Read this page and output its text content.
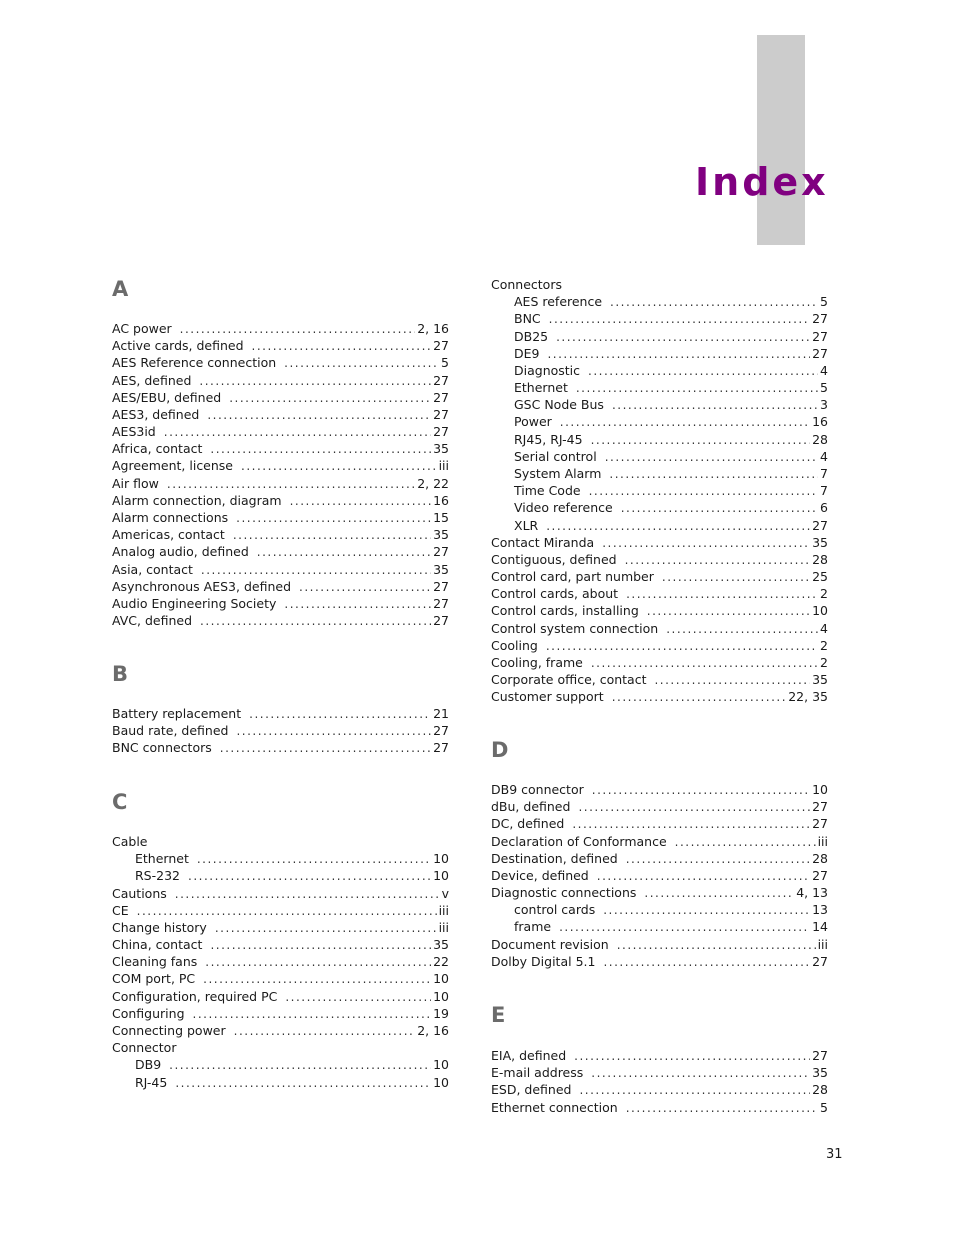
Index
A
AC power .....	2, 16
Active cards, defined .....	27
AES Reference connection .....	5
AES, defined .....	27
AES/EBU, defined .....	27
AES3, defined .....	27
AES3id .....	27
Africa, contact .....	35
Agreement, license .....	iii
Air flow .....	2, 22
Alarm connection, diagram .....	16
Alarm connections .....	15
Americas, contact .....	35
Analog audio, defined .....	27
Asia, contact .....	35
Asynchronous AES3, defined .....	27
Audio Engineering Society .....	27
AVC, defined .....	27
B
Battery replacement .....	21
Baud rate, defined .....	27
BNC connectors .....	27
C
Cable
Ethernet .....	10
RS-232 .....	10
Cautions .....	v
CE .....	iii
Change history .....	iii
China, contact .....	35
Cleaning fans .....	22
COM port, PC .....	10
Configuration, required PC .....	10
Configuring .....	19
Connecting power .....	2, 16
Connector
DB9 .....	10
RJ-45 .....	10
Connectors
AES reference .....	5
BNC .....	27
DB25 .....	27
DE9 .....	27
Diagnostic .....	4
Ethernet .....	5
GSC Node Bus .....	3
Power .....	16
RJ45, RJ-45 .....	28
Serial control .....	4
System Alarm .....	7
Time Code .....	7
Video reference .....	6
XLR .....	27
Contact Miranda .....	35
Contiguous, defined .....	28
Control card, part number .....	25
Control cards, about .....	2
Control cards, installing .....	10
Control system connection .....	4
Cooling .....	2
Cooling, frame .....	2
Corporate office, contact .....	35
Customer support .....	22, 35
D
DB9 connector .....	10
dBu, defined .....	27
DC, defined .....	27
Declaration of Conformance .....	iii
Destination, defined .....	28
Device, defined .....	27
Diagnostic connections .....	4, 13
control cards .....	13
frame .....	14
Document revision .....	iii
Dolby Digital 5.1 .....	27
E
EIA, defined .....	27
E-mail address .....	35
ESD, defined .....	28
Ethernet connection .....	5
31
